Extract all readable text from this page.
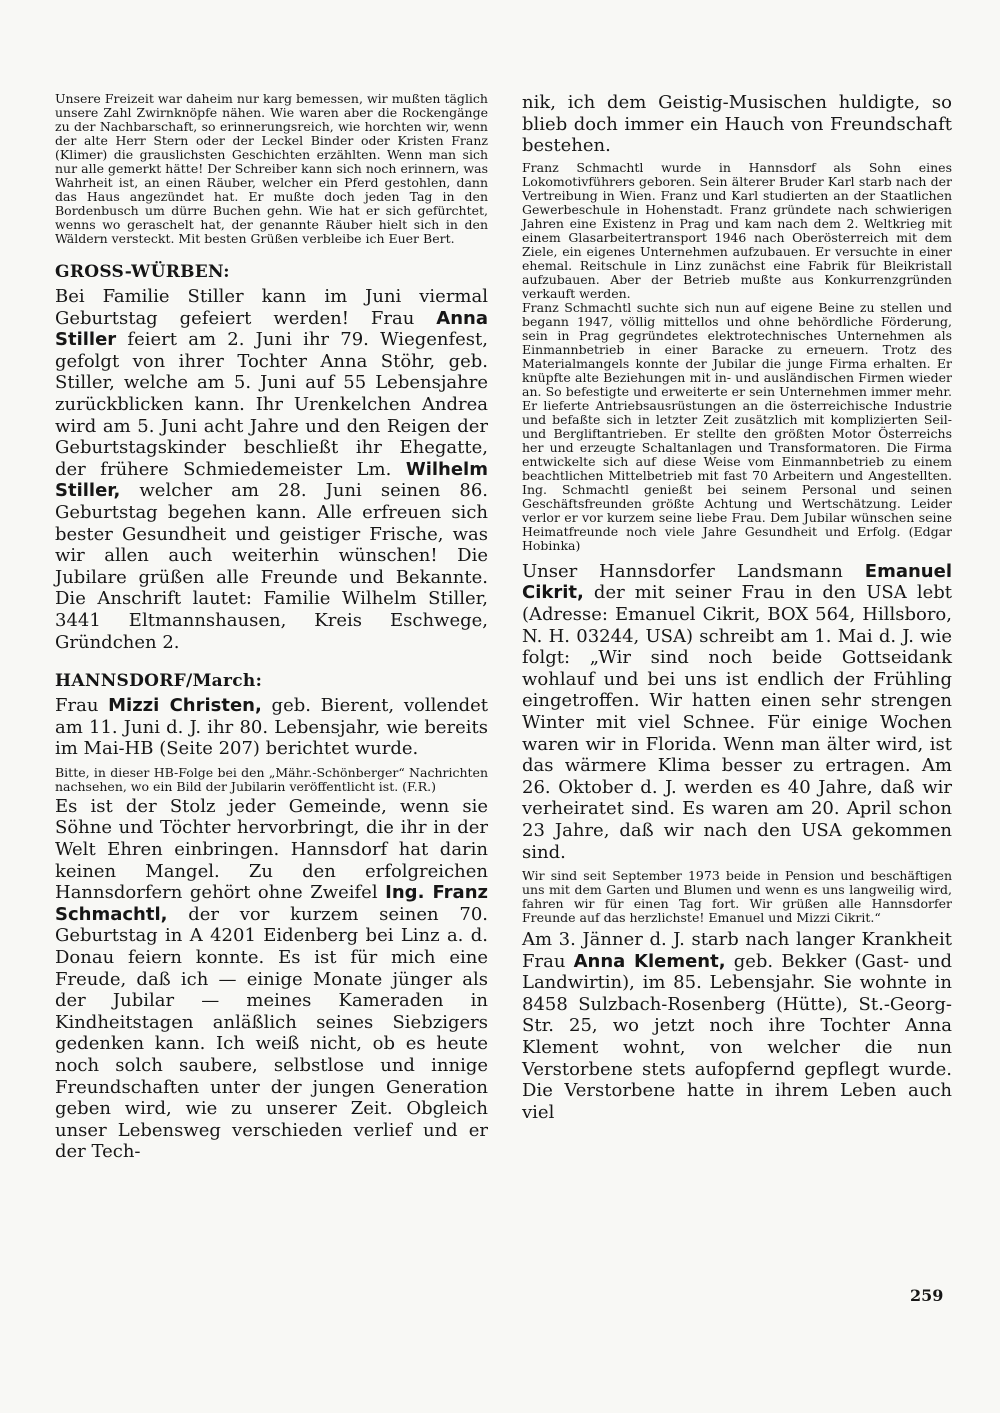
Unsere Freizeit war daheim nur karg bemessen, wir mußten täglich unsere Zahl Zwirnknöpfe nähen. Wie waren aber die Rockengänge zu der Nachbarschaft, so erinnerungsreich, wie horchten wir, wenn der alte Herr Stern oder der Leckel Binder oder Kristen Franz (Klimer) die grauslichsten Geschichten erzählten. Wenn man sich nur alle gemerkt hätte! Der Schreiber kann sich noch erinnern, was Wahrheit ist, an einen Räuber, welcher ein Pferd gestohlen, dann das Haus angezündet hat. Er mußte doch jeden Tag in den Bordenbusch um dürre Buchen gehn. Wie hat er sich gefürchtet, wenns wo geraschelt hat, der genannte Räuber hielt sich in den Wäldern versteckt. Mit besten Grüßen verbleibe ich Euer Bert.

GROSS-WÜRBEN:

Bei Familie Stiller kann im Juni viermal Geburtstag gefeiert werden! Frau Anna Stiller feiert am 2. Juni ihr 79. Wiegenfest, gefolgt von ihrer Tochter Anna Stöhr, geb. Stiller, welche am 5. Juni auf 55 Lebensjahre zurückblicken kann. Ihr Urenkelchen Andrea wird am 5. Juni acht Jahre und den Reigen der Geburtstagskinder beschließt ihr Ehegatte, der frühere Schmiedemeister Lm. Wilhelm Stiller, welcher am 28. Juni seinen 86. Geburtstag begehen kann. Alle erfreuen sich bester Gesundheit und geistiger Frische, was wir allen auch weiterhin wünschen! Die Jubilare grüßen alle Freunde und Bekannte. Die Anschrift lautet: Familie Wilhelm Stiller, 3441 Eltmannshausen, Kreis Eschwege, Gründchen 2.

HANNSDORF/March:

Frau Mizzi Christen, geb. Bierent, vollendet am 11. Juni d. J. ihr 80. Lebensjahr, wie bereits im Mai-HB (Seite 207) berichtet wurde.

Bitte, in dieser HB-Folge bei den „Mähr.-Schönberger“ Nachrichten nachsehen, wo ein Bild der Jubilarin veröffentlicht ist. (F.R.)

Es ist der Stolz jeder Gemeinde, wenn sie Söhne und Töchter hervorbringt, die ihr in der Welt Ehren einbringen. Hannsdorf hat darin keinen Mangel. Zu den erfolgreichen Hannsdorfern gehört ohne Zweifel Ing. Franz Schmachtl, der vor kurzem seinen 70. Geburtstag in A 4201 Eidenberg bei Linz a. d. Donau feiern konnte. Es ist für mich eine Freude, daß ich — einige Monate jünger als der Jubilar — meines Kameraden in Kindheitstagen anläßlich seines Siebzigers gedenken kann. Ich weiß nicht, ob es heute noch solch saubere, selbstlose und innige Freundschaften unter der jungen Generation geben wird, wie zu unserer Zeit. Obgleich unser Lebensweg verschieden verlief und er der Tech-

nik, ich dem Geistig-Musischen huldigte, so blieb doch immer ein Hauch von Freundschaft bestehen.

Franz Schmachtl wurde in Hannsdorf als Sohn eines Lokomotivführers geboren. Sein älterer Bruder Karl starb nach der Vertreibung in Wien. Franz und Karl studierten an der Staatlichen Gewerbeschule in Hohenstadt. Franz gründete nach schwierigen Jahren eine Existenz in Prag und kam nach dem 2. Weltkrieg mit einem Glasarbeitertransport 1946 nach Oberösterreich mit dem Ziele, ein eigenes Unternehmen aufzubauen. Er versuchte in einer ehemal. Reitschule in Linz zunächst eine Fabrik für Bleikristall aufzubauen. Aber der Betrieb mußte aus Konkurrenzgründen verkauft werden.

Franz Schmachtl suchte sich nun auf eigene Beine zu stellen und begann 1947, völlig mittellos und ohne behördliche Förderung, sein in Prag gegründetes elektrotechnisches Unternehmen als Einmannbetrieb in einer Baracke zu erneuern. Trotz des Materialmangels konnte der Jubilar die junge Firma erhalten. Er knüpfte alte Beziehungen mit in- und ausländischen Firmen wieder an. So befestigte und erweiterte er sein Unternehmen immer mehr. Er lieferte Antriebsausrüstungen an die österreichische Industrie und befaßte sich in letzter Zeit zusätzlich mit komplizierten Seil- und Bergliftantrieben. Er stellte den größten Motor Österreichs her und erzeugte Schaltanlagen und Transformatoren. Die Firma entwickelte sich auf diese Weise vom Einmannbetrieb zu einem beachtlichen Mittelbetrieb mit fast 70 Arbeitern und Angestellten. Ing. Schmachtl genießt bei seinem Personal und seinen Geschäftsfreunden größte Achtung und Wertschätzung. Leider verlor er vor kurzem seine liebe Frau. Dem Jubilar wünschen seine Heimatfreunde noch viele Jahre Gesundheit und Erfolg. (Edgar Hobinka)

Unser Hannsdorfer Landsmann Emanuel Cikrit, der mit seiner Frau in den USA lebt (Adresse: Emanuel Cikrit, BOX 564, Hillsboro, N. H. 03244, USA) schreibt am 1. Mai d. J. wie folgt: „Wir sind noch beide Gottseidank wohlauf und bei uns ist endlich der Frühling eingetroffen. Wir hatten einen sehr strengen Winter mit viel Schnee. Für einige Wochen waren wir in Florida. Wenn man älter wird, ist das wärmere Klima besser zu ertragen. Am 26. Oktober d. J. werden es 40 Jahre, daß wir verheiratet sind. Es waren am 20. April schon 23 Jahre, daß wir nach den USA gekommen sind.

Wir sind seit September 1973 beide in Pension und beschäftigen uns mit dem Garten und Blumen und wenn es uns langweilig wird, fahren wir für einen Tag fort. Wir grüßen alle Hannsdorfer Freunde auf das herzlichste! Emanuel und Mizzi Cikrit.“

Am 3. Jänner d. J. starb nach langer Krankheit Frau Anna Klement, geb. Bekker (Gast- und Landwirtin), im 85. Lebensjahr. Sie wohnte in 8458 Sulzbach-Rosenberg (Hütte), St.-Georg-Str. 25, wo jetzt noch ihre Tochter Anna Klement wohnt, von welcher die nun Verstorbene stets aufopfernd gepflegt wurde. Die Verstorbene hatte in ihrem Leben auch viel

259
